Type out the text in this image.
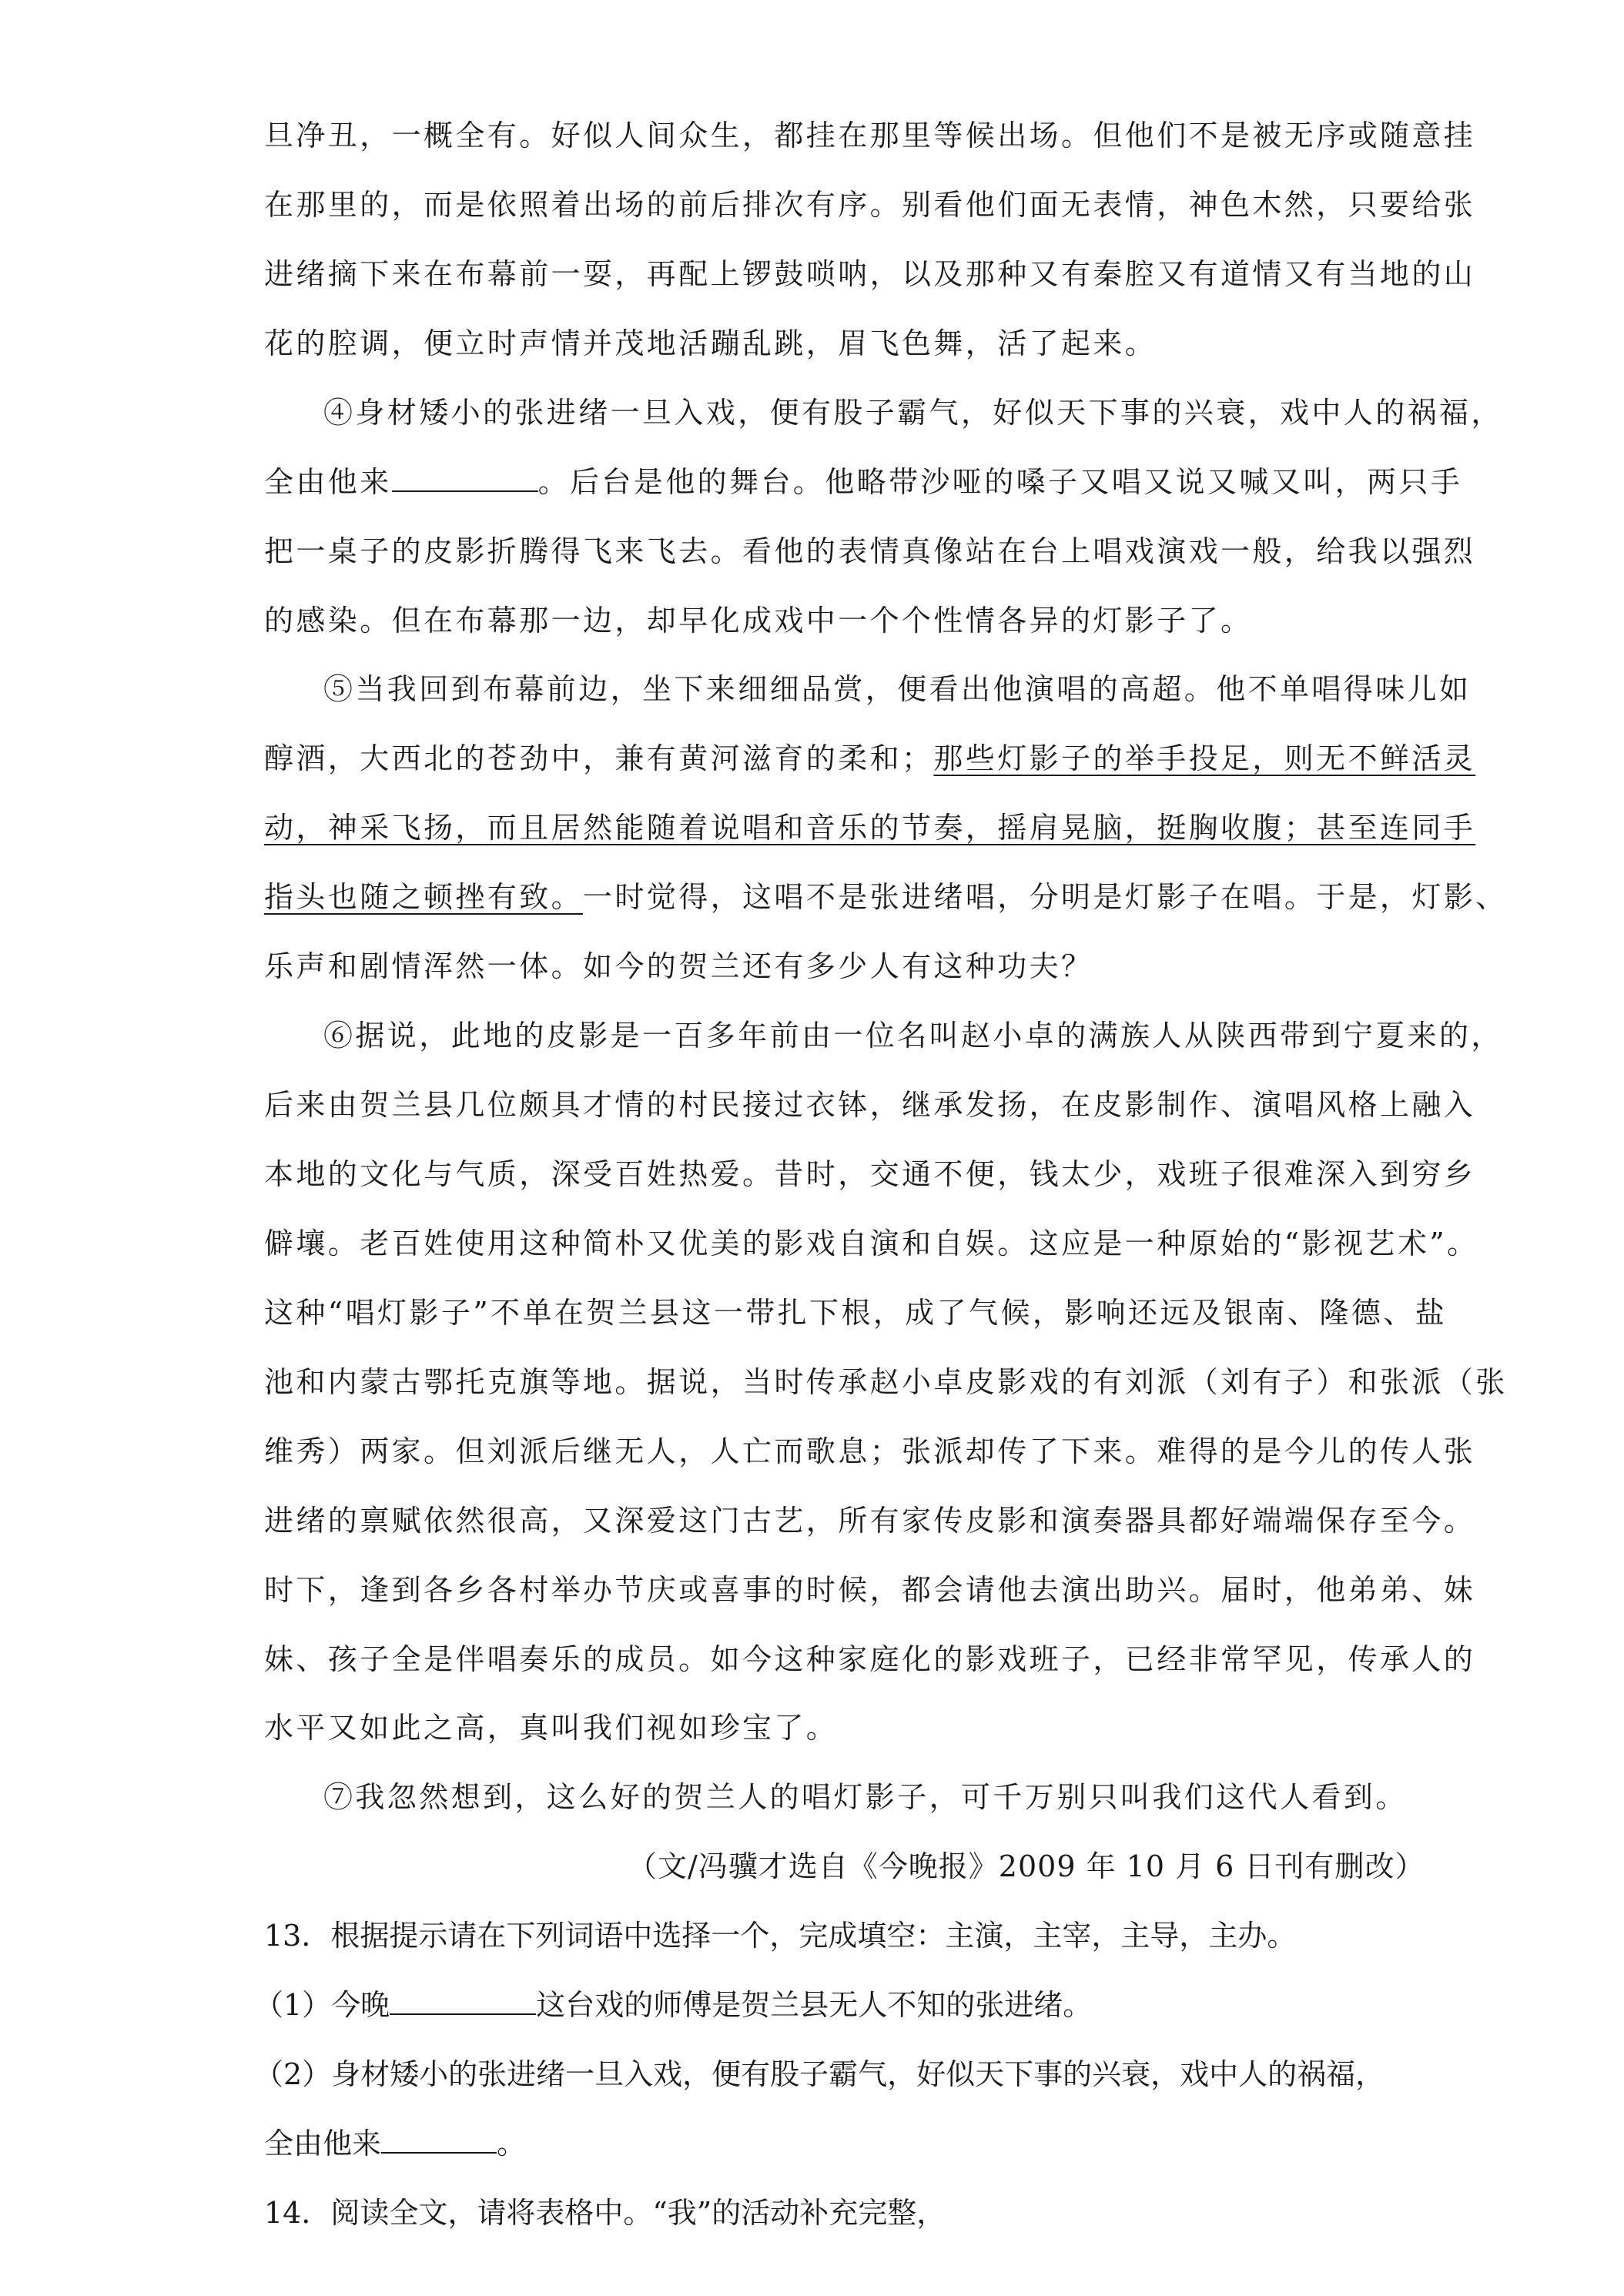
旦净丑，一概全有。好似人间众生，都挂在那里等候出场。但他们不是被无序或随意挂
在那里的，而是依照着出场的前后排次有序。别看他们面无表情，神色木然，只要给张
进绪摘下来在布幕前一耍，再配上锣鼓唢呐，以及那种又有秦腔又有道情又有当地的山
花的腔调，便立时声情并茂地活蹦乱跳，眉飞色舞，活了起来。
④身材矮小的张进绪一旦入戏，便有股子霸气，好似天下事的兴衰，戏中人的祸福，
全由他来	。后台是他的舞台。他略带沙哑的嗓子又唱又说又喊又叫，两只手
把一桌子的皮影折腾得飞来飞去。看他的表情真像站在台上唱戏演戏一般，给我以强烈
的感染。但在布幕那一边，却早化成戏中一个个性情各异的灯影子了。
⑤当我回到布幕前边，坐下来细细品赏，便看出他演唱的高超。他不单唱得味儿如
醇酒，大西北的苍劲中，兼有黄河滋育的柔和；那些灯影子的举手投足，则无不鲜活灵
动，神采飞扬，而且居然能随着说唱和音乐的节奏，摇肩晃脑，挺胸收腹；甚至连同手
指头也随之顿挫有致。一时觉得，这唱不是张进绪唱，分明是灯影子在唱。于是，灯影、
乐声和剧情浑然一体。如今的贺兰还有多少人有这种功夫？
⑥据说，此地的皮影是一百多年前由一位名叫赵小卓的满族人从陕西带到宁夏来的，
后来由贺兰县几位颇具才情的村民接过衣钵，继承发扬，在皮影制作、演唱风格上融入
本地的文化与气质，深受百姓热爱。昔时，交通不便，钱太少，戏班子很难深入到穷乡
僻壤。老百姓使用这种简朴又优美的影戏自演和自娱。这应是一种原始的“影视艺术”。
这种“唱灯影子”不单在贺兰县这一带扎下根，成了气候，影响还远及银南、隆德、盐
池和内蒙古鄂托克旗等地。据说，当时传承赵小卓皮影戏的有刘派（刘有子）和张派（张
维秀）两家。但刘派后继无人，人亡而歌息；张派却传了下来。难得的是今儿的传人张
进绪的禀赋依然很高，又深爱这门古艺，所有家传皮影和演奏器具都好端端保存至今。
时下，逢到各乡各村举办节庆或喜事的时候，都会请他去演出助兴。届时，他弟弟、妹
妹、孩子全是伴唱奏乐的成员。如今这种家庭化的影戏班子，已经非常罕见，传承人的
水平又如此之高，真叫我们视如珍宝了。
⑦我忽然想到，这么好的贺兰人的唱灯影子，可千万别只叫我们这代人看到。
（文/冯骥才选自《今晚报》2009 年 10 月 6 日刊有删改）
13．根据提示请在下列词语中选择一个，完成填空：主演，主宰，主导，主办。
（1）今晚	这台戏的师傅是贺兰县无人不知的张进绪。
（2）身材矮小的张进绪一旦入戏，便有股子霸气，好似天下事的兴衰，戏中人的祸福，
全由他来	。
14．阅读全文，请将表格中。“我”的活动补充完整，
